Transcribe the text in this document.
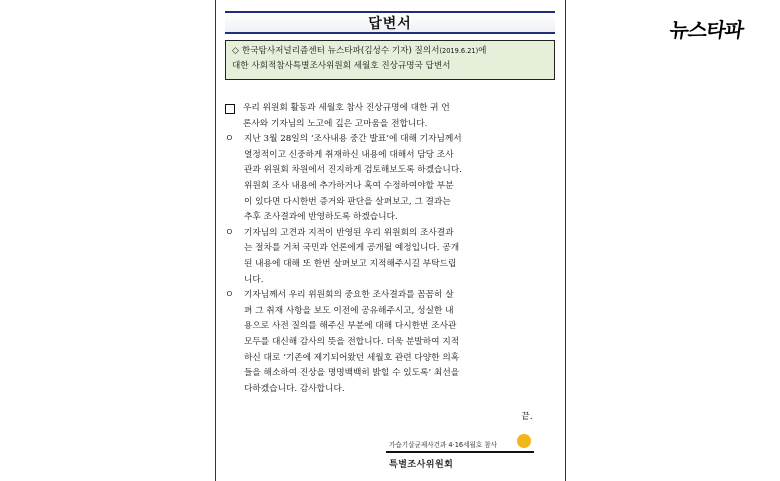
뉴스타파
답변서
◇ 한국탐사저널리즘센터 뉴스타파(김성수 기자) 질의서(2019.6.21)에
대한 사회적참사특별조사위원회 세월호 진상규명국 답변서
우리 위원회 활동과 세월호 참사 진상규명에 대한 귀 언
론사와 기자님의 노고에 깊은 고마움을 전합니다.
ㅇ	지난 3월 28일의 ‘조사내용 중간 발표’에 대해 기자님께서
열정적이고 신중하게 취재하신 내용에 대해서 담당 조사
관과 위원회 차원에서 진지하게 검토해보도록 하겠습니다.
위원회 조사 내용에 추가하거나 혹여 수정하여야할 부분
이 있다면 다시한번 증거와 판단을 살펴보고, 그 결과는
추후 조사결과에 반영하도록 하겠습니다.
ㅇ	기자님의 고견과 지적이 반영된 우리 위원회의 조사결과
는 절차를 거쳐 국민과 언론에게 공개될 예정입니다. 공개
된 내용에 대해 또 한번 살펴보고 지적해주시길 부탁드립
니다.
ㅇ	기자님께서 우리 위원회의 중요한 조사결과를 꼼꼼히 살
펴 그 취재 사항을 보도 이전에 공유해주시고, 성실한 내
용으로 사전 질의를 해주신 부분에 대해 다시한번 조사관
모두를 대신해 감사의 뜻을 전합니다. 더욱 분발하여 지적
하신 대로 ‘기존에 제기되어왔던 세월호 관련 다양한 의혹
들을 해소하여 진상을 명명백백히 밝힐 수 있도록’ 최선을
다하겠습니다. 감사합니다.
끝.
가습기살균제사건과 4·16세월호 참사
특별조사위원회
